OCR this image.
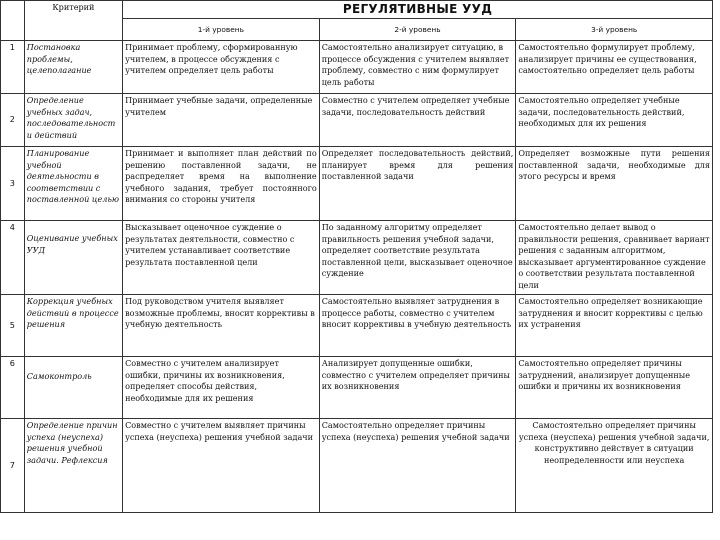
	Критерий	РЕГУЛЯТИВНЫЕ УУД		
		1-й уровень	2-й уровень	3-й уровень
1	Постановка проблемы, целеполагание	Принимает проблему, сформированную учителем, в процессе обсуждения с учителем определяет цель работы	Самостоятельно анализирует ситуацию, в процессе обсуждения с учителем выявляет проблему, совместно с ним формулирует цель работы	Самостоятельно формулирует проблему, анализирует причины ее существования, самостоятельно определяет цель работы
2	Определение учебных задач, последовательност и действий	Принимает учебные задачи, определенные учителем	Совместно с учителем определяет учебные задачи, последовательность действий	Самостоятельно определяет учебные задачи, последовательность действий, необходимых для их решения
3	Планирование учебной деятельности в соответствии с поставленной целью	Принимает и выполняет план действий по решению поставленной задачи, не распределяет время на выполнение учебного задания, требует постоянного внимания со стороны учителя	Определяет последовательность действий, планирует время для решения поставленной задачи	Определяет возможные пути решения поставленной задачи, необходимые для этого ресурсы и время
4	Оценивание учебных УУД	Высказывает оценочное суждение о результатах деятельности, совместно с учителем устанавливает соответствие результата поставленной цели	По заданному алгоритму определяет правильность решения учебной задачи, определяет соответствие результата поставленной цели, высказывает оценочное суждение	Самостоятельно делает вывод о правильности решения, сравнивает вариант решения с заданным алгоритмом, высказывает аргументированное суждение о соответствии результата поставленной цели
5	Коррекция учебных действий в процессе решения	Под руководством учителя выявляет возможные проблемы, вносит коррективы в учебную деятельность	Самостоятельно выявляет затруднения в процессе работы, совместно с учителем вносит коррективы в учебную деятельность	Самостоятельно определяет возникающие затруднения и вносит коррективы с целью их устранения
6	Самоконтроль	Совместно с учителем анализирует ошибки, причины их возникновения, определяет способы действия, необходимые для их решения	Анализирует допущенные ошибки, совместно с учителем определяет причины их возникновения	Самостоятельно определяет причины затруднений, анализирует допущенные ошибки и причины их возникновения
7	Определение причин успеха (неуспеха) решения учебной задачи. Рефлексия	Совместно с учителем выявляет причины успеха (неуспеха) решения учебной задачи	Самостоятельно определяет причины успеха (неуспеха) решения учебной задачи	Самостоятельно определяет причины успеха (неуспеха) решения учебной задачи, конструктивно действует в ситуации неопределенности или неуспеха
